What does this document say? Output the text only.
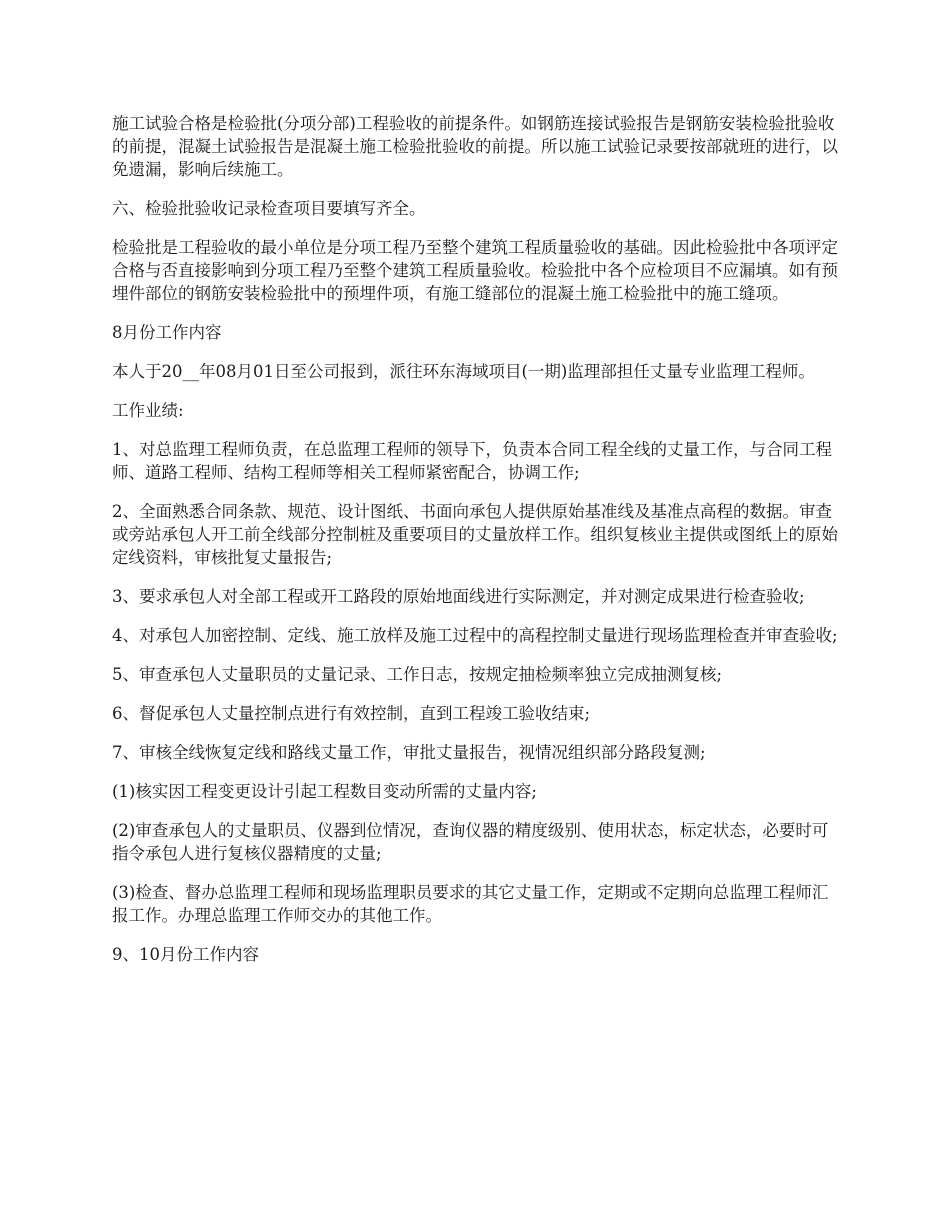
施工试验合格是检验批(分项分部)工程验收的前提条件。如钢筋连接试验报告是钢筋安装检验批验收的前提，混凝土试验报告是混凝土施工检验批验收的前提。所以施工试验记录要按部就班的进行，以免遗漏，影响后续施工。

六、检验批验收记录检查项目要填写齐全。

检验批是工程验收的最小单位是分项工程乃至整个建筑工程质量验收的基础。因此检验批中各项评定合格与否直接影响到分项工程乃至整个建筑工程质量验收。检验批中各个应检项目不应漏填。如有预埋件部位的钢筋安装检验批中的预埋件项，有施工缝部位的混凝土施工检验批中的施工缝项。

8月份工作内容

本人于20__年08月01日至公司报到，派往环东海域项目(一期)监理部担任丈量专业监理工程师。

工作业绩:

1、对总监理工程师负责，在总监理工程师的领导下，负责本合同工程全线的丈量工作，与合同工程师、道路工程师、结构工程师等相关工程师紧密配合，协调工作;

2、全面熟悉合同条款、规范、设计图纸、书面向承包人提供原始基准线及基准点高程的数据。审查或旁站承包人开工前全线部分控制桩及重要项目的丈量放样工作。组织复核业主提供或图纸上的原始定线资料，审核批复丈量报告;

3、要求承包人对全部工程或开工路段的原始地面线进行实际测定，并对测定成果进行检查验收;

4、对承包人加密控制、定线、施工放样及施工过程中的高程控制丈量进行现场监理检查并审查验收;

5、审查承包人丈量职员的丈量记录、工作日志，按规定抽检频率独立完成抽测复核;

6、督促承包人丈量控制点进行有效控制，直到工程竣工验收结束;

7、审核全线恢复定线和路线丈量工作，审批丈量报告，视情况组织部分路段复测;

(1)核实因工程变更设计引起工程数目变动所需的丈量内容;

(2)审查承包人的丈量职员、仪器到位情况，查询仪器的精度级别、使用状态，标定状态，必要时可指令承包人进行复核仪器精度的丈量;

(3)检查、督办总监理工程师和现场监理职员要求的其它丈量工作，定期或不定期向总监理工程师汇报工作。办理总监理工作师交办的其他工作。

9、10月份工作内容
